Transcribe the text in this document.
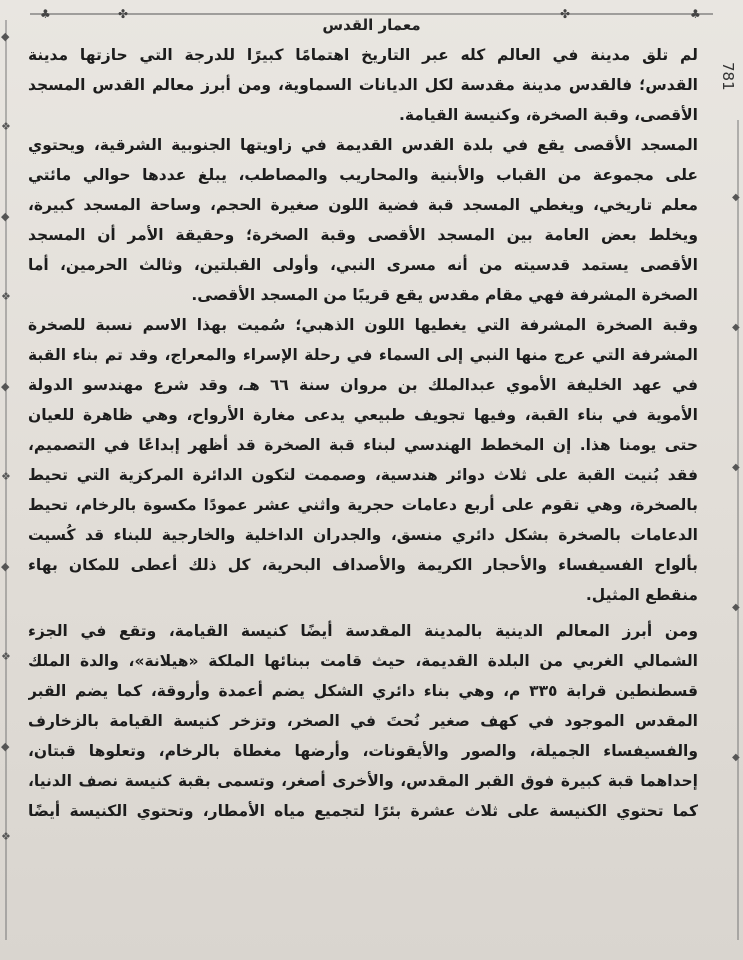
♣	✤	✤	♣
◆
❖
◆
❖
◆
❖
◆
❖
◆
❖
◆
◆
◆
◆
◆
781
معمار القدس
لم تلق مدينة في العالم كله عبر التاريخ اهتمامًا كبيرًا للدرجة التي حازتها مدينة
القدس؛ فالقدس مدينة مقدسة لكل الديانات السماوية، ومن أبرز معالم القدس المسجد
الأقصى، وقبة الصخرة، وكنيسة القيامة.
المسجد الأقصى يقع في بلدة القدس القديمة في زاويتها الجنوبية الشرقية، ويحتوي
على مجموعة من القباب والأبنية والمحاريب والمصاطب، يبلغ عددها حوالي مائتي
معلم تاريخي، ويغطي المسجد قبة فضية اللون صغيرة الحجم، وساحة المسجد كبيرة،
ويخلط بعض العامة بين المسجد الأقصى وقبة الصخرة؛ وحقيقة الأمر أن المسجد
الأقصى يستمد قدسيته من أنه مسرى النبي، وأولى القبلتين، وثالث الحرمين، أما
الصخرة المشرفة فهي مقام مقدس يقع قريبًا من المسجد الأقصى.
وقبة الصخرة المشرفة التي يغطيها اللون الذهبي؛ سُميت بهذا الاسم نسبة للصخرة
المشرفة التي عرج منها النبي إلى السماء في رحلة الإسراء والمعراج، وقد تم بناء القبة
في عهد الخليفة الأموي عبدالملك بن مروان سنة ٦٦ هـ، وقد شرع مهندسو الدولة
الأموية في بناء القبة، وفيها تجويف طبيعي يدعى مغارة الأرواح، وهي ظاهرة للعيان
حتى يومنا هذا. إن المخطط الهندسي لبناء قبة الصخرة قد أظهر إبداعًا في التصميم،
فقد بُنيت القبة على ثلاث دوائر هندسية، وصممت لتكون الدائرة المركزية التي تحيط
بالصخرة، وهي تقوم على أربع دعامات حجرية واثني عشر عمودًا مكسوة بالرخام، تحيط
الدعامات بالصخرة بشكل دائري منسق، والجدران الداخلية والخارجية للبناء قد كُسيت
بألواح الفسيفساء والأحجار الكريمة والأصداف البحرية، كل ذلك أعطى للمكان بهاء
منقطع المثيل.
ومن أبرز المعالم الدينية بالمدينة المقدسة أيضًا كنيسة القيامة، وتقع في الجزء
الشمالي الغربي من البلدة القديمة، حيث قامت ببنائها الملكة «هيلانة»، والدة الملك
قسطنطين قرابة ٣٣٥ م، وهي بناء دائري الشكل يضم أعمدة وأروقة، كما يضم القبر
المقدس الموجود في كهف صغير نُحتَ في الصخر، وتزخر كنيسة القيامة بالزخارف
والفسيفساء الجميلة، والصور والأيقونات، وأرضها مغطاة بالرخام، وتعلوها قبتان،
إحداهما قبة كبيرة فوق القبر المقدس، والأخرى أصغر، وتسمى بقبة كنيسة نصف الدنيا،
كما تحتوي الكنيسة على ثلاث عشرة بئرًا لتجميع مياه الأمطار، وتحتوي الكنيسة أيضًا
